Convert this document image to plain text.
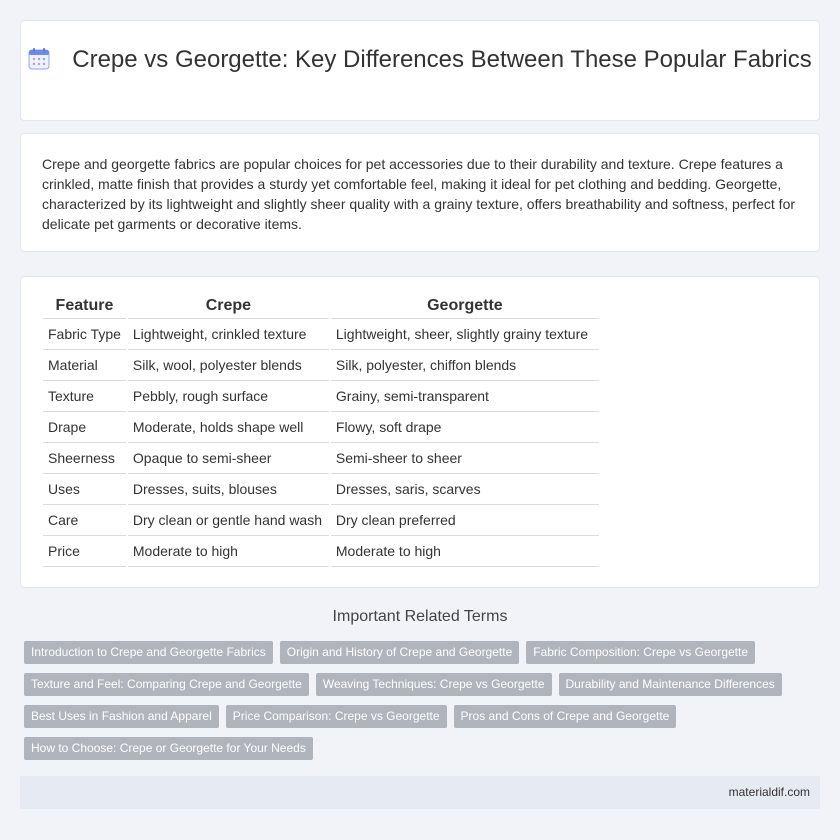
Crepe vs Georgette: Key Differences Between These Popular Fabrics

Crepe and georgette fabrics are popular choices for pet accessories due to their durability and texture. Crepe features a crinkled, matte finish that provides a sturdy yet comfortable feel, making it ideal for pet clothing and bedding. Georgette, characterized by its lightweight and slightly sheer quality with a grainy texture, offers breathability and softness, perfect for delicate pet garments or decorative items.

Feature	Crepe	Georgette
Fabric Type	Lightweight, crinkled texture	Lightweight, sheer, slightly grainy texture
Material	Silk, wool, polyester blends	Silk, polyester, chiffon blends
Texture	Pebbly, rough surface	Grainy, semi-transparent
Drape	Moderate, holds shape well	Flowy, soft drape
Sheerness	Opaque to semi-sheer	Semi-sheer to sheer
Uses	Dresses, suits, blouses	Dresses, saris, scarves
Care	Dry clean or gentle hand wash	Dry clean preferred
Price	Moderate to high	Moderate to high
Important Related Terms
Introduction to Crepe and Georgette Fabrics	Origin and History of Crepe and Georgette	Fabric Composition: Crepe vs Georgette
Texture and Feel: Comparing Crepe and Georgette	Weaving Techniques: Crepe vs Georgette	Durability and Maintenance Differences
Best Uses in Fashion and Apparel	Price Comparison: Crepe vs Georgette	Pros and Cons of Crepe and Georgette
How to Choose: Crepe or Georgette for Your Needs
materialdif.com
